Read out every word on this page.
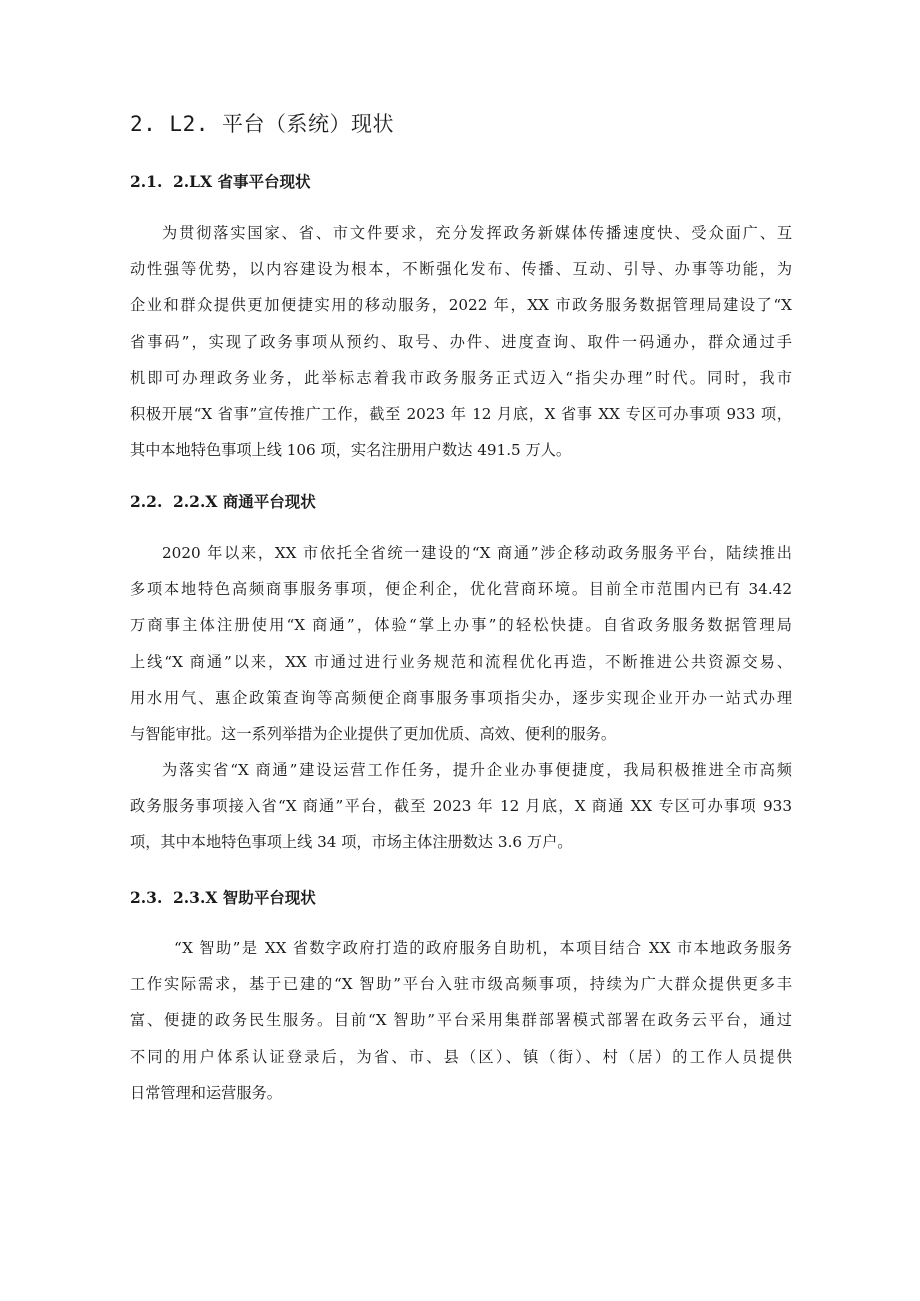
2. L2. 平台（系统）现状
2.1. 2.LX 省事平台现状

为贯彻落实国家、省、市文件要求，充分发挥政务新媒体传播速度快、受众面广、互
动性强等优势，以内容建设为根本，不断强化发布、传播、互动、引导、办事等功能，为
企业和群众提供更加便捷实用的移动服务，2022 年，XX 市政务服务数据管理局建设了“X
省事码”，实现了政务事项从预约、取号、办件、进度查询、取件一码通办，群众通过手
机即可办理政务业务，此举标志着我市政务服务正式迈入“指尖办理”时代。同时，我市
积极开展“X 省事”宣传推广工作，截至 2023 年 12 月底，X 省事 XX 专区可办事项 933 项，
其中本地特色事项上线 106 项，实名注册用户数达 491.5 万人。

2.2. 2.2.X 商通平台现状

2020 年以来，XX 市依托全省统一建设的“X 商通”涉企移动政务服务平台，陆续推出
多项本地特色高频商事服务事项，便企利企，优化营商环境。目前全市范围内已有 34.42
万商事主体注册使用“X 商通”，体验“掌上办事”的轻松快捷。自省政务服务数据管理局
上线“X 商通”以来，XX 市通过进行业务规范和流程优化再造，不断推进公共资源交易、
用水用气、惠企政策查询等高频便企商事服务事项指尖办，逐步实现企业开办一站式办理
与智能审批。这一系列举措为企业提供了更加优质、高效、便利的服务。

为落实省“X 商通”建设运营工作任务，提升企业办事便捷度，我局积极推进全市高频
政务服务事项接入省“X 商通”平台，截至 2023 年 12 月底，X 商通 XX 专区可办事项 933
项，其中本地特色事项上线 34 项，市场主体注册数达 3.6 万户。

2.3. 2.3.X 智助平台现状

“X 智助”是 XX 省数字政府打造的政府服务自助机，本项目结合 XX 市本地政务服务
工作实际需求，基于已建的“X 智助”平台入驻市级高频事项，持续为广大群众提供更多丰
富、便捷的政务民生服务。目前“X 智助”平台采用集群部署模式部署在政务云平台，通过
不同的用户体系认证登录后，为省、市、县（区）、镇（街）、村（居）的工作人员提供
日常管理和运营服务。
